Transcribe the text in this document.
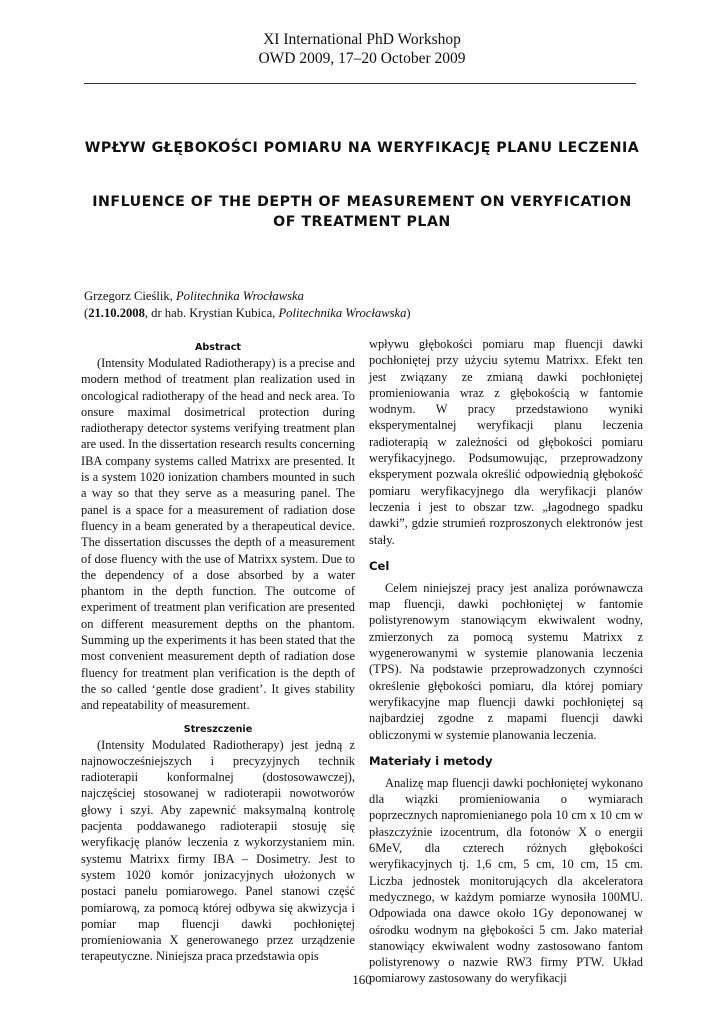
XI International PhD Workshop
OWD 2009, 17–20 October 2009
WPŁYW GŁĘBOKOŚCI POMIARU NA WERYFIKACJĘ PLANU LECZENIA
INFLUENCE OF THE DEPTH OF MEASUREMENT ON VERYFICATION OF TREATMENT PLAN

Grzegorz Cieślik, Politechnika Wrocławska

(21.10.2008, dr hab. Krystian Kubica, Politechnika Wrocławska)

Abstract

(Intensity Modulated Radiotherapy) is a precise and modern method of treatment plan realization used in oncological radiotherapy of the head and neck area. To onsure maximal dosimetrical protection during radiotherapy detector systems verifying treatment plan are used. In the dissertation research results concerning IBA company systems called Matrixx are presented. It is a system 1020 ionization chambers mounted in such a way so that they serve as a measuring panel. The panel is a space for a measurement of radiation dose fluency in a beam generated by a therapeutical device. The dissertation discusses the depth of a measurement of dose fluency with the use of Matrixx system. Due to the dependency of a dose absorbed by a water phantom in the depth function. The outcome of experiment of treatment plan verification are presented on different measurement depths on the phantom. Summing up the experiments it has been stated that the most convenient measurement depth of radiation dose fluency for treatment plan verification is the depth of the so called ‘gentle dose gradient’. It gives stability and repeatability of measurement.

Streszczenie

(Intensity Modulated Radiotherapy) jest jedną z najnowocześniejszych i precyzyjnych technik radioterapii konformalnej (dostosowawczej), najczęściej stosowanej w radioterapii nowotworów głowy i szyi. Aby zapewnić maksymalną kontrolę pacjenta poddawanego radioterapii stosuję się weryfikację planów leczenia z wykorzystaniem min. systemu Matrixx firmy IBA – Dosimetry. Jest to system 1020 komór jonizacyjnych ułożonych w postaci panelu pomiarowego. Panel stanowi część pomiarową, za pomocą której odbywa się akwizycja i pomiar map fluencji dawki pochłoniętej promieniowania X generowanego przez urządzenie terapeutyczne. Niniejsza praca przedstawia opis

wpływu głębokości pomiaru map fluencji dawki pochłoniętej przy użyciu sytemu Matrixx. Efekt ten jest związany ze zmianą dawki pochłoniętej promieniowania wraz z głębokością w fantomie wodnym. W pracy przedstawiono wyniki eksperymentalnej weryfikacji planu leczenia radioterapią w zależności od głębokości pomiaru weryfikacyjnego. Podsumowując, przeprowadzony eksperyment pozwala określić odpowiednią głębokość pomiaru weryfikacyjnego dla weryfikacji planów leczenia i jest to obszar tzw. „łagodnego spadku dawki”, gdzie strumień rozproszonych elektronów jest stały.

Cel

Celem niniejszej pracy jest analiza porównawcza map fluencji, dawki pochłoniętej w fantomie polistyrenowym stanowiącym ekwiwalent wodny, zmierzonych za pomocą systemu Matrixx z wygenerowanymi w systemie planowania leczenia (TPS). Na podstawie przeprowadzonych czynności określenie głębokości pomiaru, dla której pomiary weryfikacyjne map fluencji dawki pochłoniętej są najbardziej zgodne z mapami fluencji dawki obliczonymi w systemie planowania leczenia.

Materiały i metody

Analizę map fluencji dawki pochłoniętej wykonano dla wiązki promieniowania o wymiarach poprzecznych napromienianego pola 10 cm x 10 cm w płaszczyźnie izocentrum, dla fotonów X o energii 6MeV, dla czterech różnych głębokości weryfikacyjnych tj. 1,6 cm, 5 cm, 10 cm, 15 cm. Liczba jednostek monitorujących dla akceleratora medycznego, w każdym pomiarze wynosiła 100MU. Odpowiada ona dawce około 1Gy deponowanej w ośrodku wodnym na głębokości 5 cm. Jako materiał stanowiący ekwiwalent wodny zastosowano fantom polistyrenowy o nazwie RW3 firmy PTW. Układ pomiarowy zastosowany do weryfikacji

160
